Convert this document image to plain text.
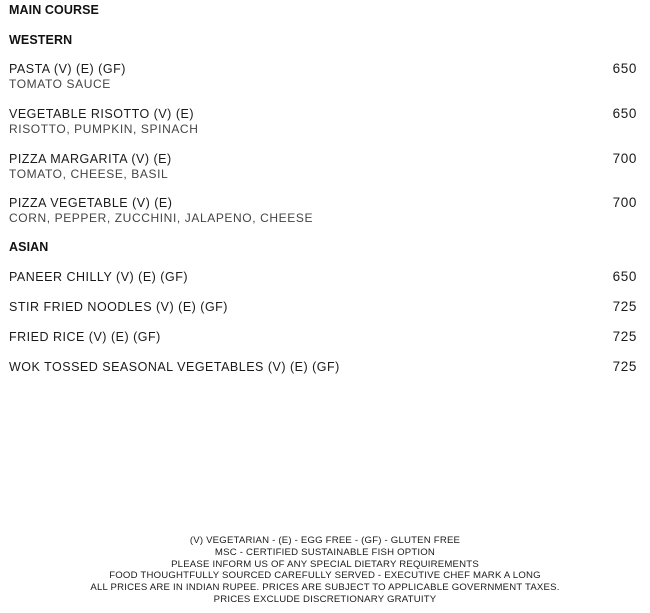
MAIN COURSE
WESTERN
PASTA (V) (E) (GF)
TOMATO SAUCE
650
VEGETABLE RISOTTO (V) (E)
RISOTTO, PUMPKIN, SPINACH
650
PIZZA MARGARITA (V) (E)
TOMATO, CHEESE, BASIL
700
PIZZA VEGETABLE (V) (E)
CORN, PEPPER, ZUCCHINI, JALAPENO, CHEESE
700
ASIAN
PANEER CHILLY (V) (E) (GF)	650
STIR FRIED NOODLES (V) (E) (GF)	725
FRIED RICE (V) (E) (GF)	725
WOK TOSSED SEASONAL VEGETABLES (V) (E) (GF)	725
(V) VEGETARIAN - (E) - EGG FREE - (GF) - GLUTEN FREE
MSC - CERTIFIED SUSTAINABLE FISH OPTION
PLEASE INFORM US OF ANY SPECIAL DIETARY REQUIREMENTS
FOOD THOUGHTFULLY SOURCED CAREFULLY SERVED - EXECUTIVE CHEF MARK A LONG
ALL PRICES ARE IN INDIAN RUPEE. PRICES ARE SUBJECT TO APPLICABLE GOVERNMENT TAXES.
PRICES EXCLUDE DISCRETIONARY GRATUITY
